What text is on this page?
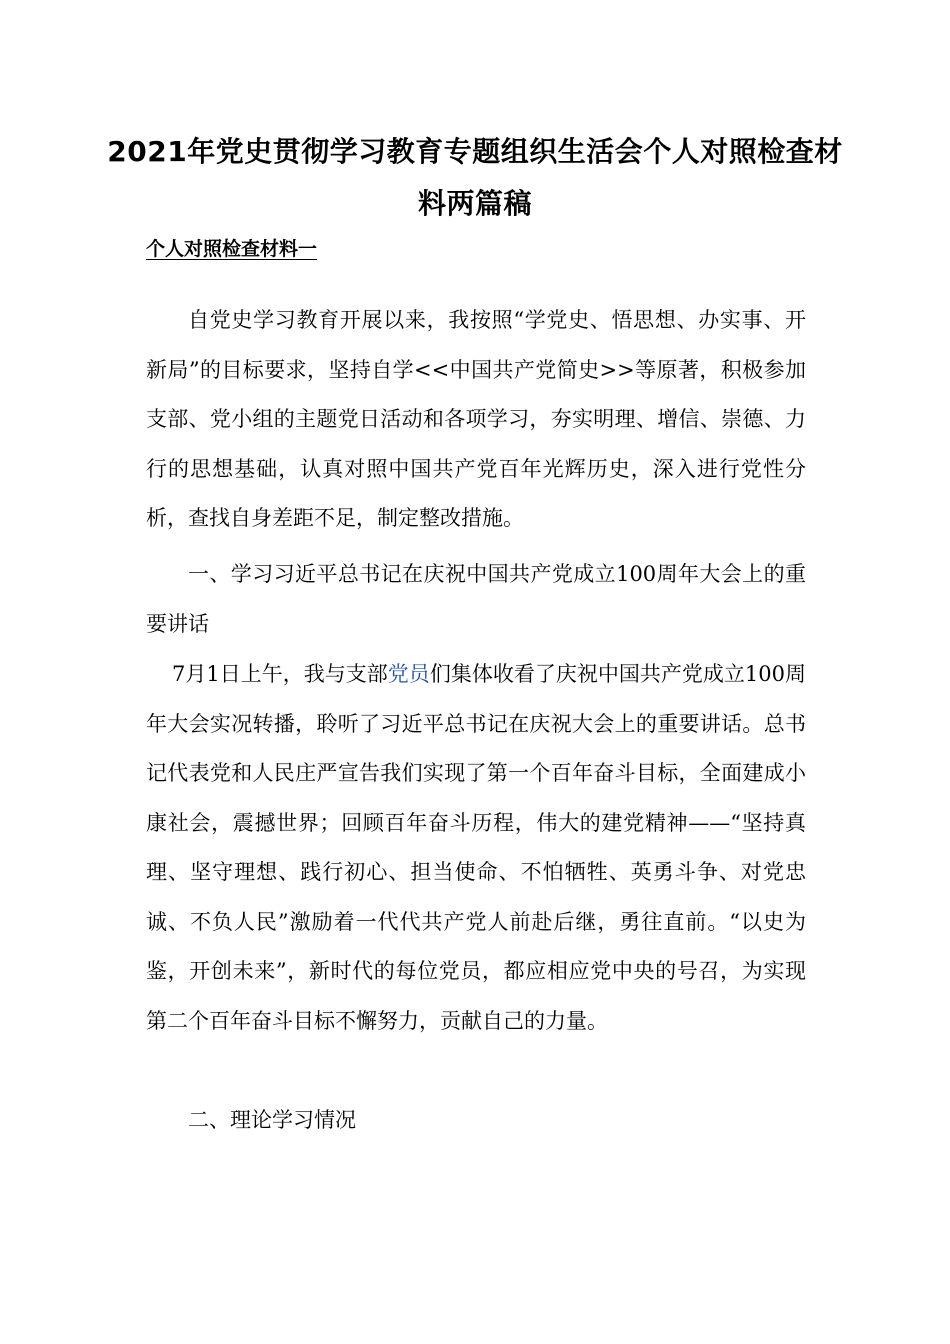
2021年党史贯彻学习教育专题组织生活会个人对照检查材料两篇稿
个人对照检查材料一

自党史学习教育开展以来，我按照“学党史、悟思想、办实事、开新局”的目标要求，坚持自学<<中国共产党简史>>等原著，积极参加支部、党小组的主题党日活动和各项学习，夯实明理、增信、崇德、力行的思想基础，认真对照中国共产党百年光辉历史，深入进行党性分析，查找自身差距不足，制定整改措施。

一、学习习近平总书记在庆祝中国共产党成立100周年大会上的重要讲话

7月1日上午，我与支部党员们集体收看了庆祝中国共产党成立100周年大会实况转播，聆听了习近平总书记在庆祝大会上的重要讲话。总书记代表党和人民庄严宣告我们实现了第一个百年奋斗目标，全面建成小康社会，震撼世界；回顾百年奋斗历程，伟大的建党精神——“坚持真理、坚守理想、践行初心、担当使命、不怕牺牲、英勇斗争、对党忠诚、不负人民”激励着一代代共产党人前赴后继，勇往直前。“以史为鉴，开创未来”，新时代的每位党员，都应相应党中央的号召，为实现第二个百年奋斗目标不懈努力，贡献自己的力量。

二、理论学习情况
